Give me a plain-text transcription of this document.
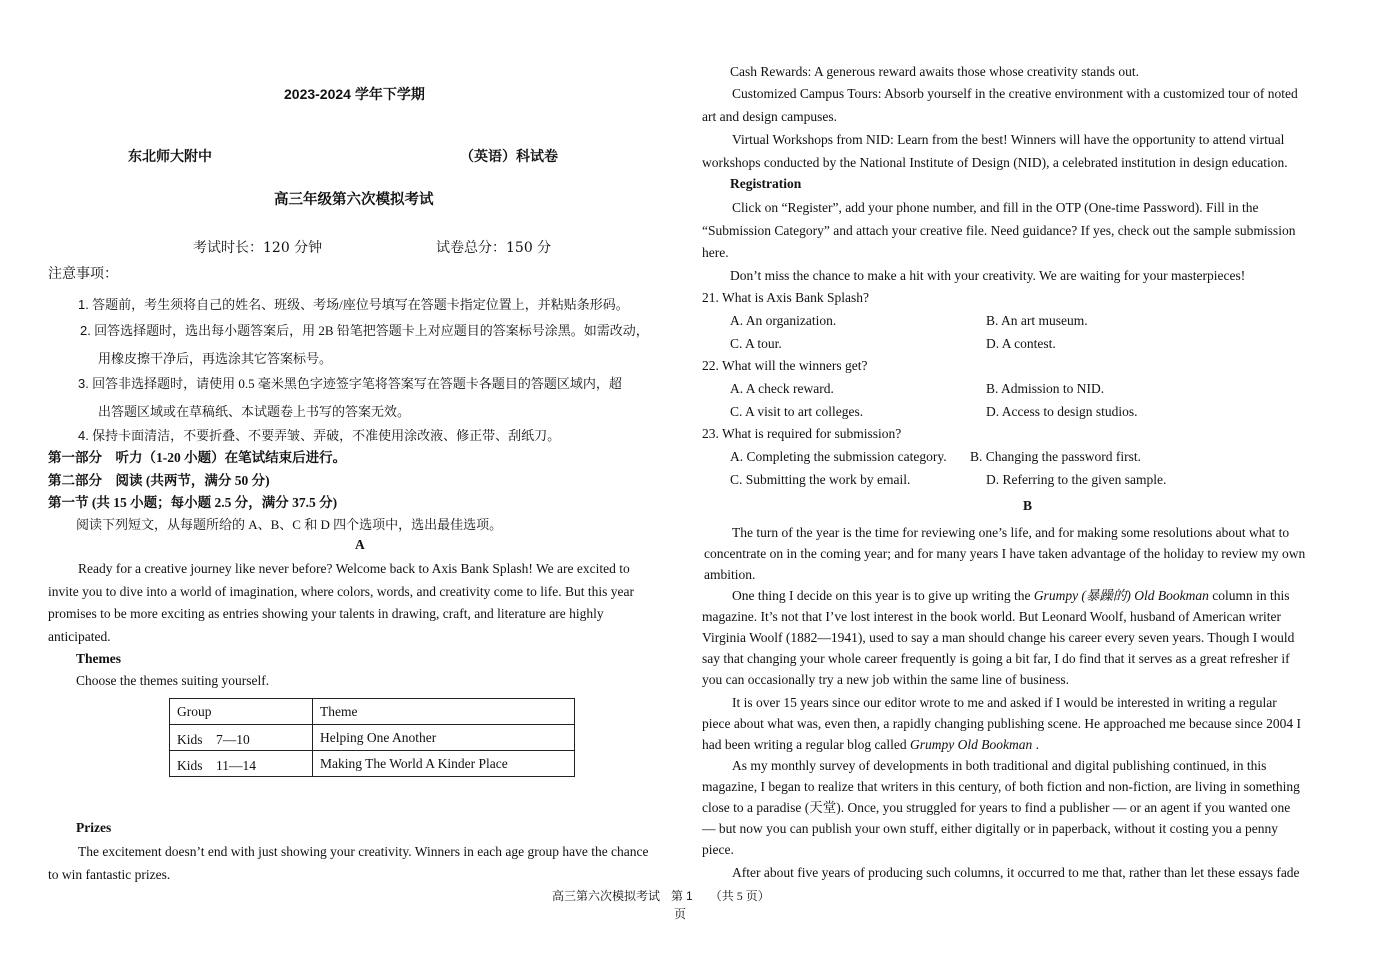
2023-2024 学年下学期
东北师大附中	（英语）科试卷
高三年级第六次模拟考试
考试时长：120 分钟	试卷总分：150 分
注意事项：
1. 答题前，考生须将自己的姓名、班级、考场/座位号填写在答题卡指定位置上，并粘贴条形码。
2. 回答选择题时，选出每小题答案后，用 2B 铅笔把答题卡上对应题目的答案标号涂黑。如需改动，
用橡皮擦干净后，再选涂其它答案标号。
3. 回答非选择题时，请使用 0.5 毫米黑色字迹签字笔将答案写在答题卡各题目的答题区域内，超
出答题区域或在草稿纸、本试题卷上书写的答案无效。
4. 保持卡面清洁，不要折叠、不要弄皱、弄破，不准使用涂改液、修正带、刮纸刀。
第一部分　听力（1-20 小题）在笔试结束后进行。
第二部分　阅读 (共两节，满分 50 分)
第一节 (共 15 小题；每小题 2.5 分，满分 37.5 分)
阅读下列短文，从每题所给的 A、B、C 和 D 四个选项中，选出最佳选项。
A
Ready for a creative journey like never before? Welcome back to Axis Bank Splash! We are excited to
invite you to dive into a world of imagination, where colors, words, and creativity come to life. But this year
promises to be more exciting as entries showing your talents in drawing, craft, and literature are highly
anticipated.
Themes
Choose the themes suiting yourself.
Group	Theme
Kids　7—10	Helping One Another
Kids　11—14	Making The World A Kinder Place
Prizes
The excitement doesn’t end with just showing your creativity. Winners in each age group have the chance
to win fantastic prizes.
Cash Rewards: A generous reward awaits those whose creativity stands out.
Customized Campus Tours: Absorb yourself in the creative environment with a customized tour of noted
art and design campuses.
Virtual Workshops from NID: Learn from the best! Winners will have the opportunity to attend virtual
workshops conducted by the National Institute of Design (NID), a celebrated institution in design education.
Registration
Click on “Register”, add your phone number, and fill in the OTP (One-time Password). Fill in the
“Submission Category” and attach your creative file. Need guidance? If yes, check out the sample submission
here.
Don’t miss the chance to make a hit with your creativity. We are waiting for your masterpieces!
21. What is Axis Bank Splash?
A. An organization.	B. An art museum.
C. A tour.	D. A contest.
22. What will the winners get?
A. A check reward.	B. Admission to NID.
C. A visit to art colleges.	D. Access to design studios.
23. What is required for submission?
A. Completing the submission category. B. Changing the password first.
C. Submitting the work by email.	D. Referring to the given sample.
B
The turn of the year is the time for reviewing one’s life, and for making some resolutions about what to
concentrate on in the coming year; and for many years I have taken advantage of the holiday to review my own
ambition.
One thing I decide on this year is to give up writing the Grumpy (暴躁的) Old Bookman column in this
magazine. It’s not that I’ve lost interest in the book world. But Leonard Woolf, husband of American writer
Virginia Woolf (1882—1941), used to say a man should change his career every seven years. Though I would
say that changing your whole career frequently is going a bit far, I do find that it serves as a great refresher if
you can occasionally try a new job within the same line of business.
It is over 15 years since our editor wrote to me and asked if I would be interested in writing a regular
piece about what was, even then, a rapidly changing publishing scene. He approached me because since 2004 I
had been writing a regular blog called Grumpy Old Bookman .
As my monthly survey of developments in both traditional and digital publishing continued, in this
magazine, I began to realize that writers in this century, of both fiction and non-fiction, are living in something
close to a paradise (天堂). Once, you struggled for years to find a publisher — or an agent if you wanted one
— but now you can publish your own stuff, either digitally or in paperback, without it costing you a penny
piece.
After about five years of producing such columns, it occurred to me that, rather than let these essays fade
高三第六次模拟考试 第 1 （共 5 页）
页
